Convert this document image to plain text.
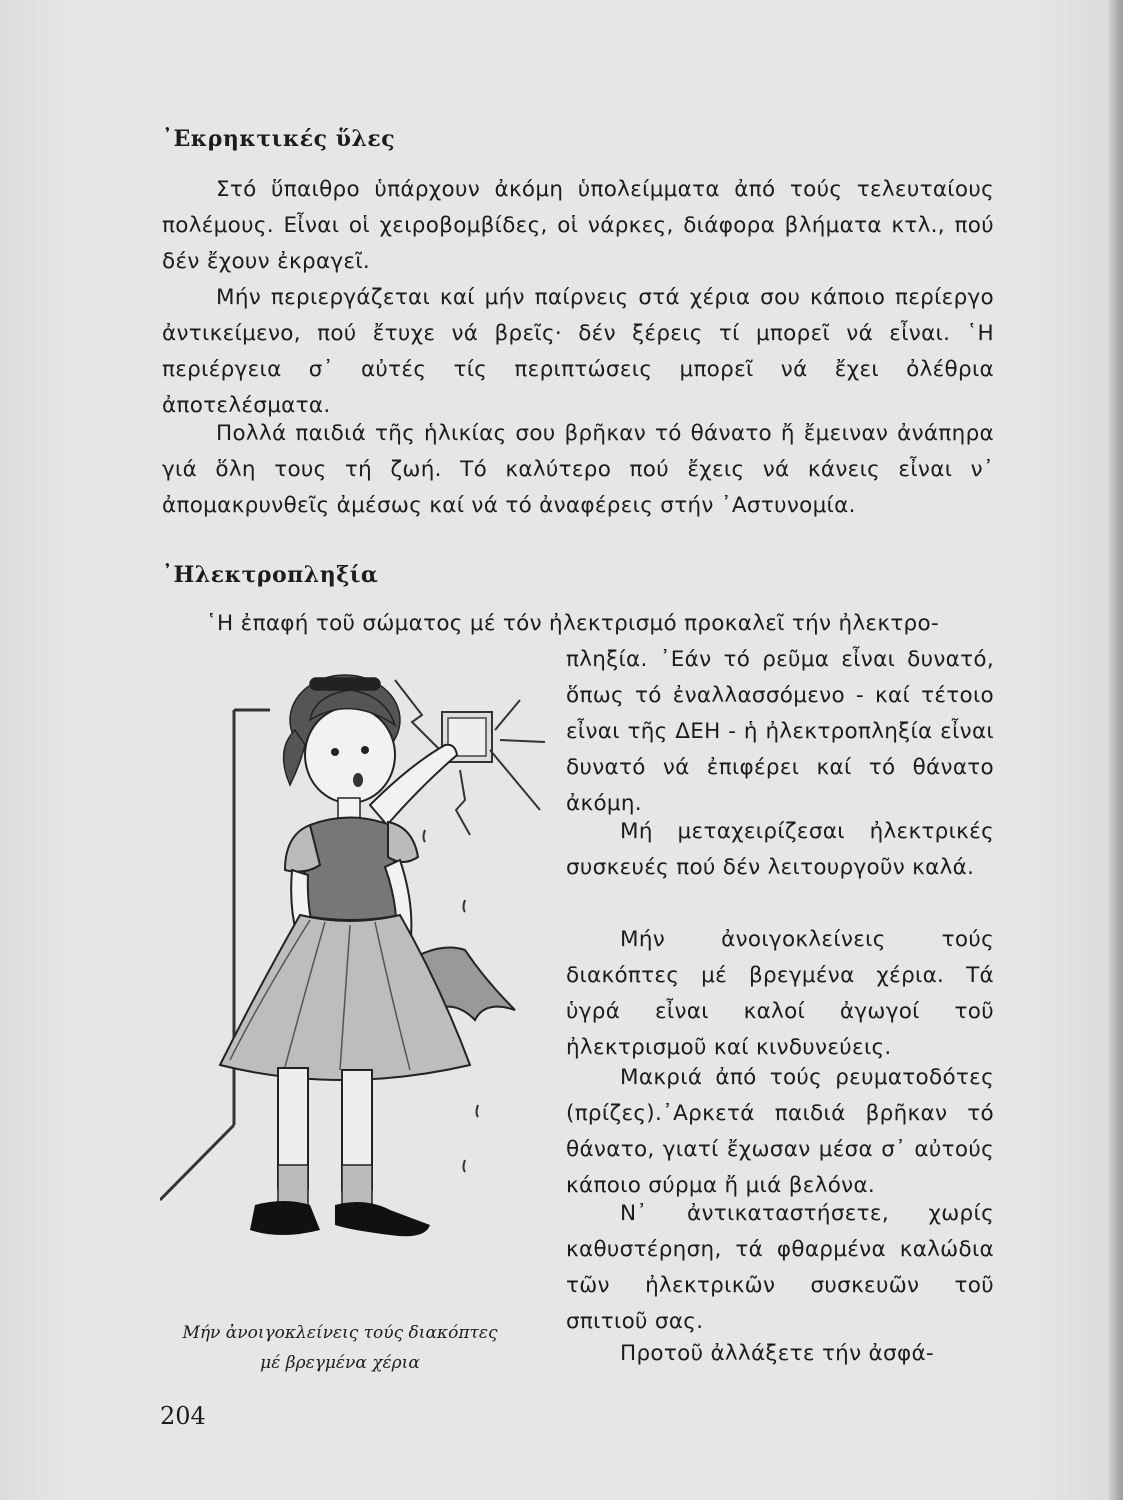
᾿Εκρηκτικές ὕλες

Στό ὕπαιθρο ὑπάρχουν ἀκόμη ὑπολείμματα ἀπό τούς τελευταίους πολέμους. Εἶναι οἱ χειροβομβίδες, οἱ νάρκες, διάφορα βλήματα κτλ., πού δέν ἔχουν ἐκραγεῖ.

Μήν περιεργάζεται καί μήν παίρνεις στά χέρια σου κάποιο περίεργο ἀντικείμενο, πού ἔτυχε νά βρεῖς· δέν ξέρεις τί μπορεῖ νά εἶναι. ῾Η περιέργεια σ᾿ αὐτές τίς περιπτώσεις μπορεῖ νά ἔχει ὀλέθρια ἀποτελέσματα.

Πολλά παιδιά τῆς ἡλικίας σου βρῆκαν τό θάνατο ἤ ἔμειναν ἀνάπηρα γιά ὅλη τους τή ζωή. Τό καλύτερο πού ἔχεις νά κάνεις εἶναι ν᾿ ἀπομακρυνθεῖς ἀμέσως καί νά τό ἀναφέρεις στήν ᾿Αστυνομία.

᾿Ηλεκτροπληξία

῾Η ἐπαφή τοῦ σώματος μέ τόν ἠλεκτρισμό προκαλεῖ τήν ἠλεκτρο-

πληξία. ᾿Εάν τό ρεῦμα εἶναι δυνατό, ὅπως τό ἐναλλασσόμενο - καί τέτοιο εἶναι τῆς ΔΕΗ - ἡ ἠλεκτροπληξία εἶναι δυνατό νά ἐπιφέρει καί τό θάνατο ἀκόμη.

Μή μεταχειρίζεσαι ἠλεκτρικές συσκευές πού δέν λειτουργοῦν καλά.

Μήν ἀνοιγοκλείνεις τούς διακόπτες μέ βρεγμένα χέρια. Τά ὑγρά εἶναι καλοί ἀγωγοί τοῦ ἠλεκτρισμοῦ καί κινδυνεύεις.

Μακριά ἀπό τούς ρευματοδότες (πρίζες).᾿Αρκετά παιδιά βρῆκαν τό θάνατο, γιατί ἔχωσαν μέσα σ᾿ αὐτούς κάποιο σύρμα ἤ μιά βελόνα.

Ν᾿ ἀντικαταστήσετε, χωρίς καθυστέρηση, τά φθαρμένα καλώδια τῶν ἠλεκτρικῶν συσκευῶν τοῦ σπιτιοῦ σας.

Προτοῦ ἀλλάξετε τήν ἀσφά-

Μήν ἀνοιγοκλείνεις τούς διακόπτες
μέ βρεγμένα χέρια

204
